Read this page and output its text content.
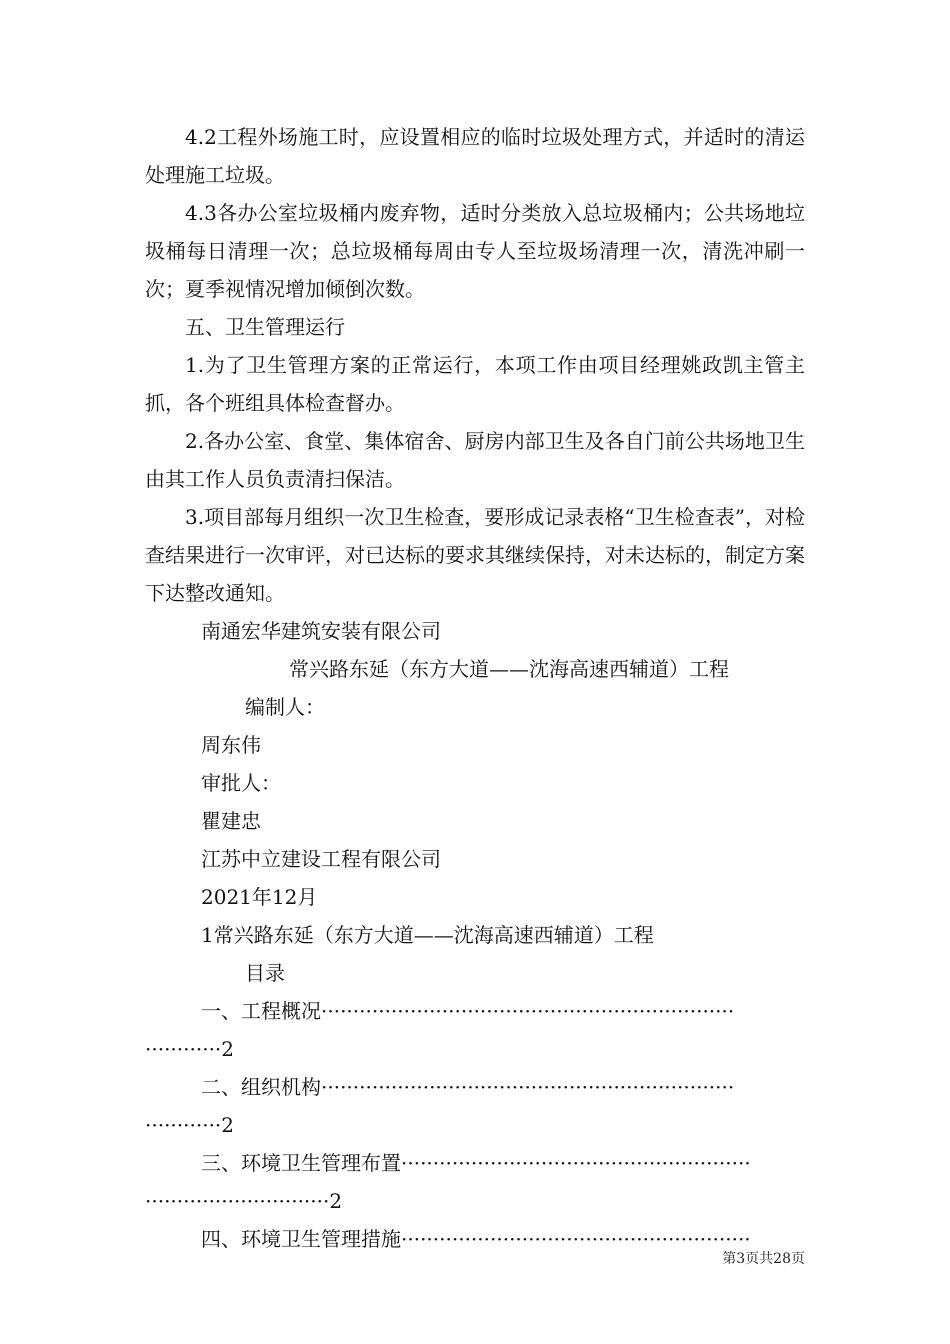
4.2工程外场施工时，应设置相应的临时垃圾处理方式，并适时的清运处理施工垃圾。

4.3各办公室垃圾桶内废弃物，适时分类放入总垃圾桶内；公共场地垃圾桶每日清理一次；总垃圾桶每周由专人至垃圾场清理一次，清洗冲刷一次；夏季视情况增加倾倒次数。

五、卫生管理运行

1.为了卫生管理方案的正常运行，本项工作由项目经理姚政凯主管主抓，各个班组具体检查督办。

2.各办公室、食堂、集体宿舍、厨房内部卫生及各自门前公共场地卫生由其工作人员负责清扫保洁。

3.项目部每月组织一次卫生检查，要形成记录表格“卫生检查表”，对检查结果进行一次审评，对已达标的要求其继续保持，对未达标的，制定方案下达整改通知。

南通宏华建筑安装有限公司

常兴路东延（东方大道——沈海高速西辅道）工程

编制人：

周东伟

审批人：

瞿建忠

江苏中立建设工程有限公司

2021年12月

1常兴路东延（东方大道——沈海高速西辅道）工程

目录

一、工程概况·································································
············2
二、组织机构·································································
············2
三、环境卫生管理布置·······················································
·····························2
四、环境卫生管理措施·······················································
第3页共28页
